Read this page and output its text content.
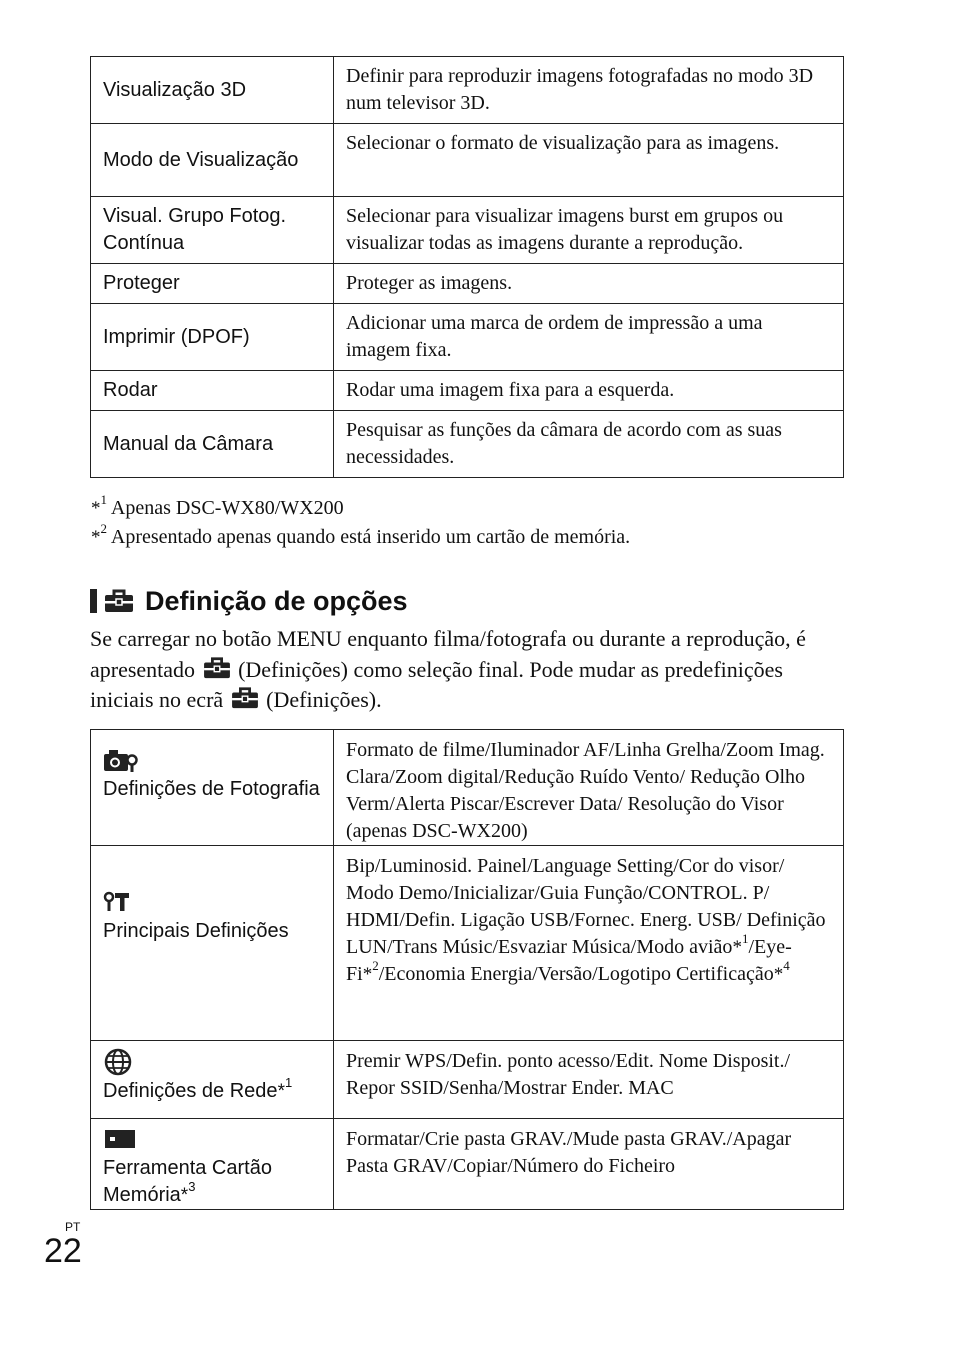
Visualização 3D	Definir para reproduzir imagens fotografadas no modo 3D num televisor 3D.
Modo de Visualização	Selecionar o formato de visualização para as imagens.
Visual. Grupo Fotog. Contínua	Selecionar para visualizar imagens burst em grupos ou visualizar todas as imagens durante a reprodução.
Proteger	Proteger as imagens.
Imprimir (DPOF)	Adicionar uma marca de ordem de impressão a uma imagem fixa.
Rodar	Rodar uma imagem fixa para a esquerda.
Manual da Câmara	Pesquisar as funções da câmara de acordo com as suas necessidades.
*$^1$ Apenas DSC-WX80/WX200
*$^2$ Apresentado apenas quando está inserido um cartão de memória.
Definição de opções
Se carregar no botão MENU enquanto filma/fotografa ou durante a reprodução, é apresentado (Definições) como seleção final. Pode mudar as predefinições iniciais no ecrã (Definições).
Definições de Fotografia	Formato de filme/Iluminador AF/Linha Grelha/Zoom Imag. Clara/Zoom digital/Redução Ruído Vento/ Redução Olho Verm/Alerta Piscar/Escrever Data/ Resolução do Visor (apenas DSC-WX200)

Principais Definições	Bip/Luminosid. Painel/Language Setting/Cor do visor/ Modo Demo/Inicializar/Guia Função/CONTROL. P/ HDMI/Defin. Ligação USB/Fornec. Energ. USB/ Definição LUN/Trans Músic/Esvaziar Música/Modo avião*$^1$/Eye-Fi*$^2$/Economia Energia/Versão/Logotipo Certificação*$^4$

Definições de Rede*$^1$	Premir WPS/Defin. ponto acesso/Edit. Nome Disposit./ Repor SSID/Senha/Mostrar Ender. MAC

Ferramenta Cartão Memória*$^3$	Formatar/Crie pasta GRAV./Mude pasta GRAV./Apagar Pasta GRAV/Copiar/Número do Ficheiro
PT
22
